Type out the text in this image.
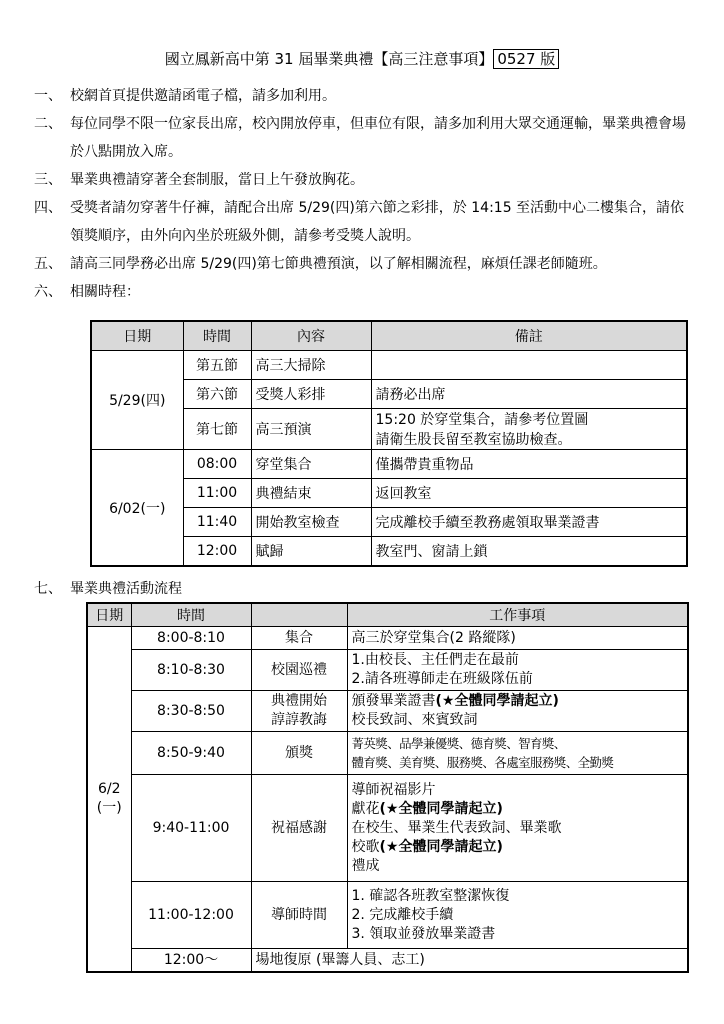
國立鳳新高中第 31 屆畢業典禮【高三注意事項】 0527 版
一、 校網首頁提供邀請函電子檔，請多加利用。
二、 每位同學不限一位家長出席，校內開放停車，但車位有限，請多加利用大眾交通運輸，畢業典禮會場於八點開放入席。
三、 畢業典禮請穿著全套制服，當日上午發放胸花。
四、 受獎者請勿穿著牛仔褲，請配合出席 5/29(四)第六節之彩排，於 14:15 至活動中心二樓集合，請依領獎順序，由外向內坐於班級外側，請參考受獎人說明。
五、 請高三同學務必出席 5/29(四)第七節典禮預演，以了解相關流程，麻煩任課老師隨班。
六、 相關時程：
日期	時間	內容	備註
5/29(四)	第五節	高三大掃除	
	第六節	受獎人彩排	請務必出席
	第七節	高三預演	15:20 於穿堂集合，請參考位置圖
請衛生股長留至教室協助檢查。

6/02(一)	08:00	穿堂集合	僅攜帶貴重物品
	11:00	典禮結束	返回教室
	11:40	開始教室檢查	完成離校手續至教務處領取畢業證書
	12:00	賦歸	教室門、窗請上鎖
七、 畢業典禮活動流程
日期	時間		工作事項

6/2
(一)	8:00-8:10	集合	高三於穿堂集合(2 路縱隊)
	8:10-8:30	校園巡禮	1.由校長、主任們走在最前
2.請各班導師走在班級隊伍前

	8:30-8:50	典禮開始
諄諄教誨	頒發畢業證書(★全體同學請起立)
校長致詞、來賓致詞

	8:50-9:40	頒獎	菁英獎、品學兼優獎、德育獎、智育獎、
體育獎、美育獎、服務獎、各處室服務獎、全勤獎

	9:40-11:00	祝福感謝	導師祝福影片
獻花(★全體同學請起立)
在校生、畢業生代表致詞、畢業歌
校歌(★全體同學請起立)
禮成

	11:00-12:00	導師時間	1. 確認各班教室整潔恢復
2. 完成離校手續
3. 領取並發放畢業證書

	12:00～	場地復原 (畢籌人員、志工)	
